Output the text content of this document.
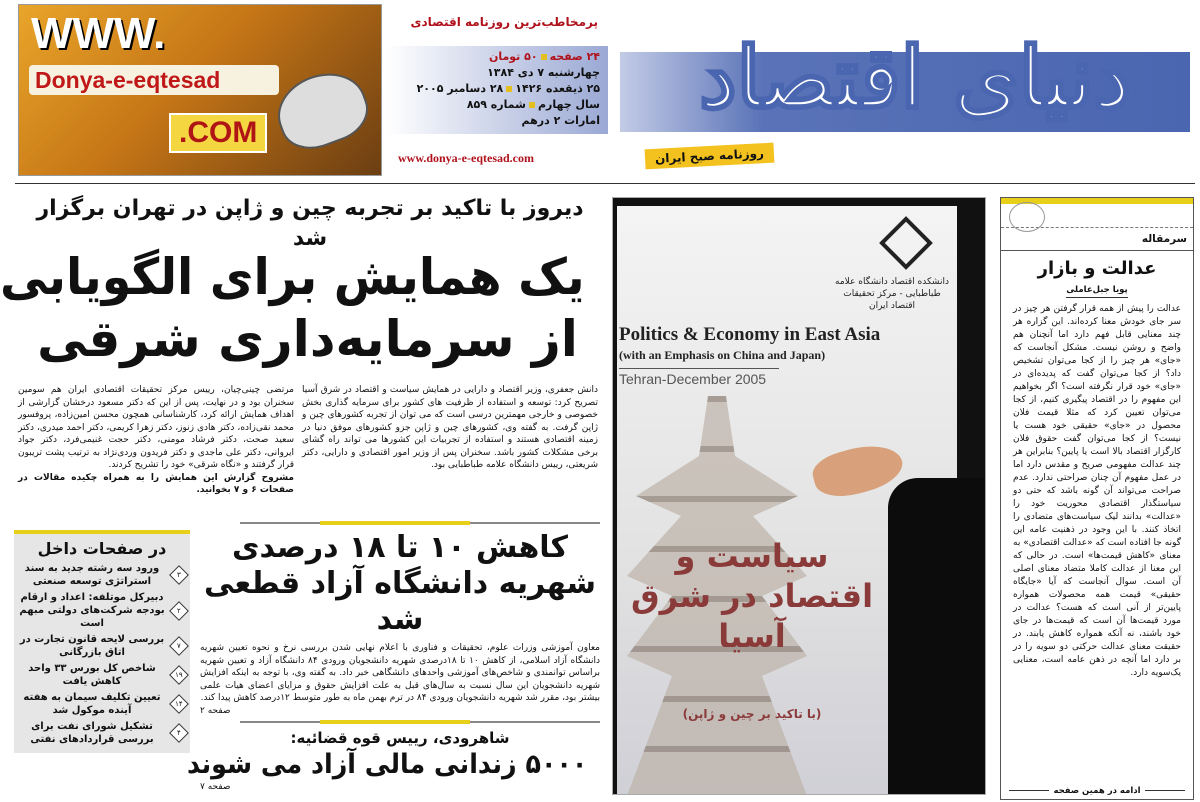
WWW.
Donya-e-eqtesad
.COM
پرمخاطب‌ترین روزنامه اقتصادی
۲۴ صفحه۵۰ تومان
چهارشنبه ۷ دی ۱۳۸۴
۲۵ ذیقعده ۱۴۲۶۲۸ دسامبر ۲۰۰۵
سال چهارمشماره ۸۵۹
امارات ۲ درهم
www.donya-e-eqtesad.com
دنیای اقتصاد
روزنامه صبح ایران
دیروز با تاکید بر تجربه چین و ژاپن در تهران برگزار شد
یک همایش برای الگویابی
از سرمایه‌داری شرقی
دانش جعفری، وزیر اقتصاد و دارایی در همایش سیاست و اقتصاد در شرق آسیا تصریح کرد: توسعه و استفاده از ظرفیت های کشور برای سرمایه گذاری بخش خصوصی و خارجی مهمترین درسی است که می توان از تجربه کشورهای چین و ژاپن گرفت. به گفته وی، کشورهای چین و ژاپن جزو کشورهای موفق دنیا در زمینه اقتصادی هستند و استفاده از تجربیات این کشورها می تواند راه گشای برخی مشکلات کشور باشد. سخنران پس از وزیر امور اقتصادی و دارایی، دکتر شریعتی، رییس دانشگاه علامه طباطبایی بود.
مرتضی چینی‌چیان، رییس مرکز تحقیقات اقتصادی ایران هم سومین سخنران بود و در نهایت، پس از این که دکتر مسعود درخشان گزارشی از اهداف همایش ارائه کرد، کارشناسانی همچون محسن امین‌زاده، پروفسور محمد نقی‌زاده، دکتر هادی زنوز، دکتر زهرا کریمی، دکتر احمد میدری، دکتر سعید صحت، دکتر فرشاد مومنی، دکتر حجت غنیمی‌فرد، دکتر جواد ایروانی، دکتر علی ماجدی و دکتر فریدون وردی‌نژاد به ترتیب پشت تریبون قرار گرفتند و «نگاه شرقی» خود را تشریح کردند.
مشروح گزارش این همایش را به همراه چکیده مقالات در صفحات ۶ و ۷ بخوانید.
در صفحات داخل
۳
ورود سه رشته جدید به سند استراتژی توسعه صنعتی
۲
دبیرکل موتلفه: اعداد و ارقام بودجه شرکت‌های دولتی مبهم است
۷
بررسی لایحه قانون تجارت در اتاق بازرگانی
۱۹
شاخص کل بورس ۳۳ واحد کاهش یافت
۱۴
تعیین تکلیف سیمان به هفته آینده موکول شد
۴
تشکیل شورای نفت برای بررسی قراردادهای نفتی
کاهش ۱۰ تا ۱۸ درصدی شهریه دانشگاه آزاد قطعی شد
معاون آموزشی وزرات علوم، تحقیقات و فناوری با اعلام نهایی شدن بررسی نرخ و نحوه تعیین شهریه دانشگاه آزاد اسلامی، از کاهش ۱۰ تا ۱۸درصدی شهریه دانشجویان ورودی ۸۴ دانشگاه آزاد و تعیین شهریه براساس توانمندی و شاخص‌های آموزشی واحدهای دانشگاهی خبر داد. به گفته وی، با توجه به اینکه افزایش شهریه دانشجویان این سال نسبت به سال‌های قبل به علت افزایش حقوق و مزایای اعضای هیات علمی بیشتر بود، مقرر شد شهریه دانشجویان ورودی ۸۴ در ترم بهمن ماه به طور متوسط ۱۲درصد کاهش پیدا کند.
صفحه ۲
شاهرودی، رییس قوه قضائیه:
۵۰۰۰ زندانی مالی آزاد می شوند
صفحه ۷
دانشکده اقتصاد دانشگاه علامه طباطبایی - مرکز تحقیقات اقتصاد ایران
Politics & Economy in East Asia
(with an Emphasis on China and Japan)
Tehran-December 2005
سیاست و اقتصاد در شرق آسیا
(با تاکید بر چین و ژاپن)
سرمقاله
عدالت و بازار
پویا جبل‌عاملی
عدالت را پیش از همه قرار گرفتن هر چیز در سر جای خودش معنا کرده‌اند. این گزاره هر چند معنایی قابل فهم دارد اما آنچنان هم واضح و روشن نیست. مشکل آنجاست که «جای» هر چیز را از کجا می‌توان تشخیص داد؟ از کجا می‌توان گفت که پدیده‌ای در «جای» خود قرار نگرفته است؟ اگر بخواهیم این مفهوم را در اقتصاد پیگیری کنیم، از کجا می‌توان تعیین کرد که مثلا قیمت فلان محصول در «جای» حقیقی خود هست یا نیست؟ از کجا می‌توان گفت حقوق فلان کارگزار اقتصاد بالا است یا پایین؟ بنابراین هر چند عدالت مفهومی صریح و مقدس دارد اما در عمل مفهوم آن چنان صراحتی ندارد. عدم صراحت می‌تواند آن گونه باشد که حتی دو سیاستگذار اقتصادی محوریت خود را «عدالت» بدانند لیک سیاست‌های متضادی را اتخاذ کنند. با این وجود در ذهنیت عامه این گونه جا افتاده است که «عدالت اقتصادی» به معنای «کاهش قیمت‌ها» است. در حالی که این معنا از عدالت کاملا متضاد معنای اصلی آن است. سوال آنجاست که آیا «جایگاه حقیقی» قیمت همه محصولات همواره پایین‌تر از آنی است که هست؟ عدالت در مورد قیمت‌ها آن است که قیمت‌ها در جای خود باشند، نه آنکه همواره کاهش یابند. در حقیقت معنای عدالت حرکتی دو سویه را در بر دارد اما آنچه در ذهن عامه است، معنایی یک‌سویه دارد.
ادامه در همین صفحه
